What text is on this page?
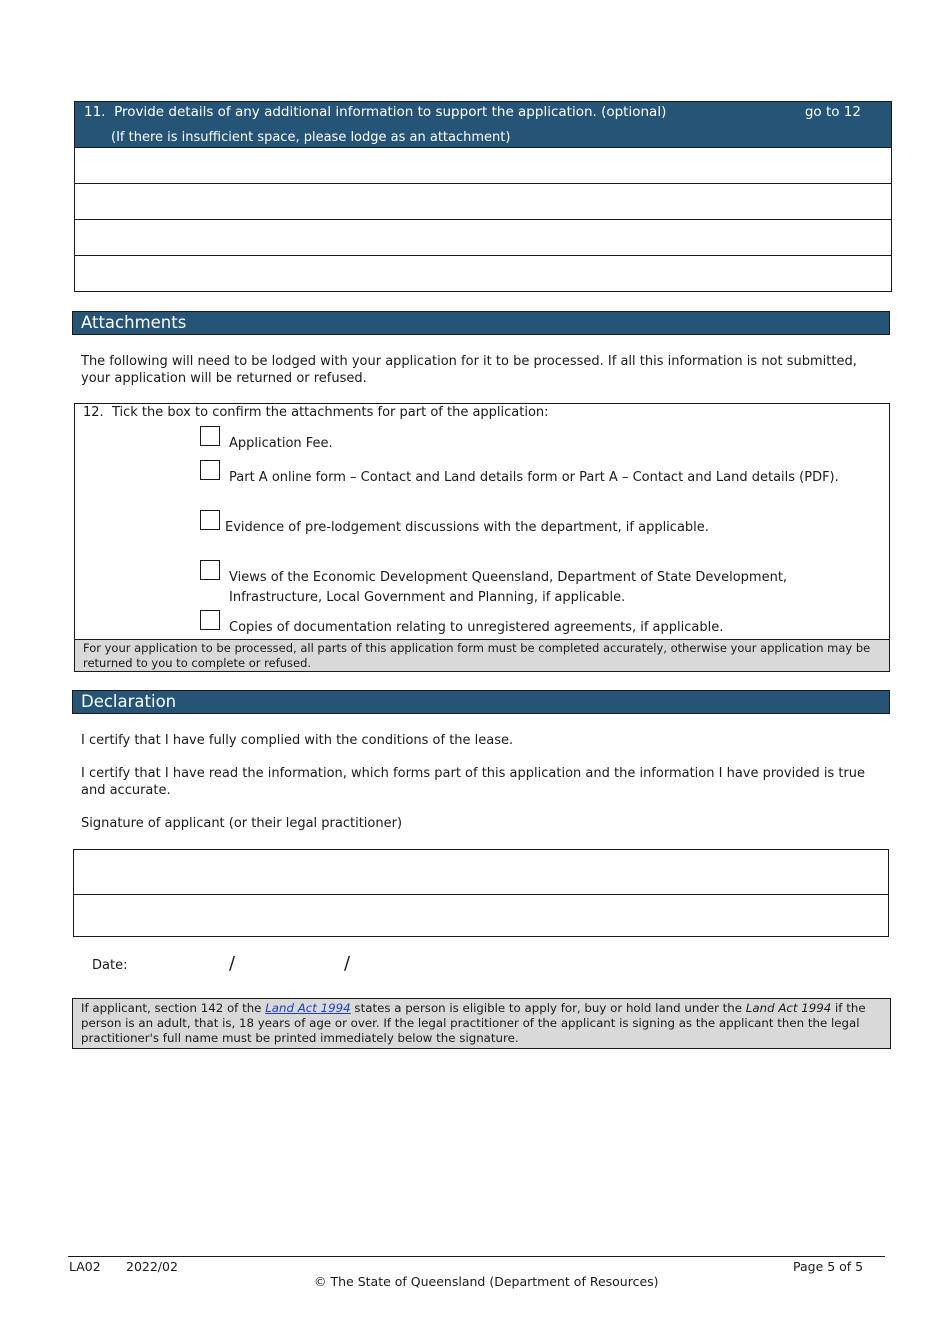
11. Provide details of any additional information to support the application. (optional)
(If there is insufficient space, please lodge as an attachment)
go to 12
Attachments
The following will need to be lodged with your application for it to be processed. If all this information is not submitted, your application will be returned or refused.
12. Tick the box to confirm the attachments for part of the application:
Application Fee.
Part A online form – Contact and Land details form or Part A – Contact and Land details (PDF).
Evidence of pre-lodgement discussions with the department, if applicable.
Views of the Economic Development Queensland, Department of State Development, Infrastructure, Local Government and Planning, if applicable.
Copies of documentation relating to unregistered agreements, if applicable.
For your application to be processed, all parts of this application form must be completed accurately, otherwise your application may be returned to you to complete or refused.
Declaration
I certify that I have fully complied with the conditions of the lease.
I certify that I have read the information, which forms part of this application and the information I have provided is true and accurate.
Signature of applicant (or their legal practitioner)
Date:	/	/
If applicant, section 142 of the Land Act 1994 states a person is eligible to apply for, buy or hold land under the Land Act 1994 if the person is an adult, that is, 18 years of age or over. If the legal practitioner of the applicant is signing as the applicant then the legal practitioner's full name must be printed immediately below the signature.
LA02 2022/02	Page 5 of 5
© The State of Queensland (Department of Resources)
